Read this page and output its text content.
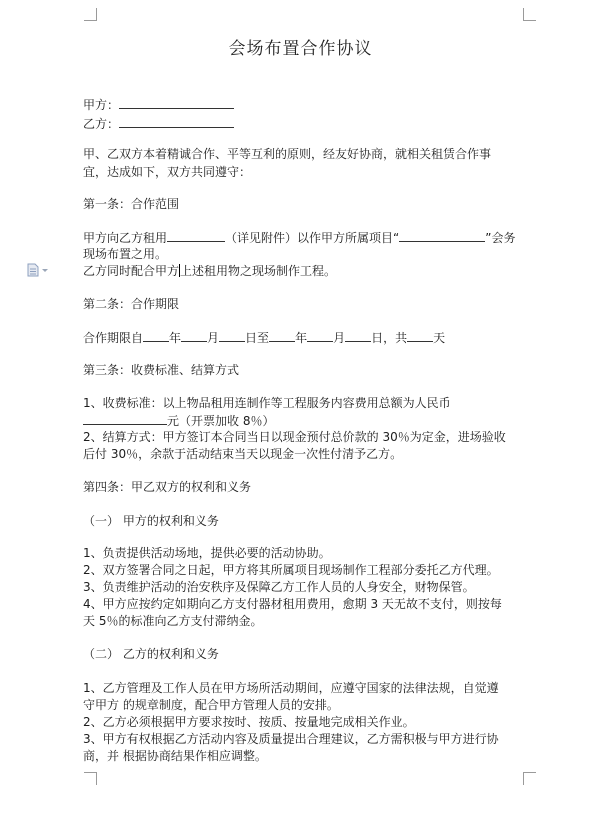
会场布置合作协议
甲方：
乙方：
甲、乙双方本着精诚合作、平等互利的原则，经友好协商，就相关租赁合作事
宜，达成如下，双方共同遵守：
第一条：合作范围
甲方向乙方租用	（详见附件）以作甲方所属项目“	”会务
现场布置之用。
乙方同时配合甲方上述租用物之现场制作工程。
第二条：合作期限
合作期限自 年 月 日至 年 月 日，共 天
第三条：收费标准、结算方式
1、收费标准：以上物品租用连制作等工程服务内容费用总额为人民币
元（开票加收 8％）
2、结算方式：甲方签订本合同当日以现金预付总价款的 30％为定金，进场验收
后付 30％，余款于活动结束当天以现金一次性付清予乙方。
第四条：甲乙双方的权利和义务
（一） 甲方的权利和义务
1、负责提供活动场地，提供必要的活动协助。
2、双方签署合同之日起，甲方将其所属项目现场制作工程部分委托乙方代理。
3、负责维护活动的治安秩序及保障乙方工作人员的人身安全，财物保管。
4、甲方应按约定如期向乙方支付器材租用费用，愈期 3 天无故不支付，则按每
天 5％的标准向乙方支付滞纳金。
（二） 乙方的权利和义务
1、乙方管理及工作人员在甲方场所活动期间，应遵守国家的法律法规，自觉遵
守甲方 的规章制度，配合甲方管理人员的安排。
2、乙方必须根据甲方要求按时、按质、按量地完成相关作业。
3、甲方有权根据乙方活动内容及质量提出合理建议，乙方需积极与甲方进行协
商，并 根据协商结果作相应调整。
